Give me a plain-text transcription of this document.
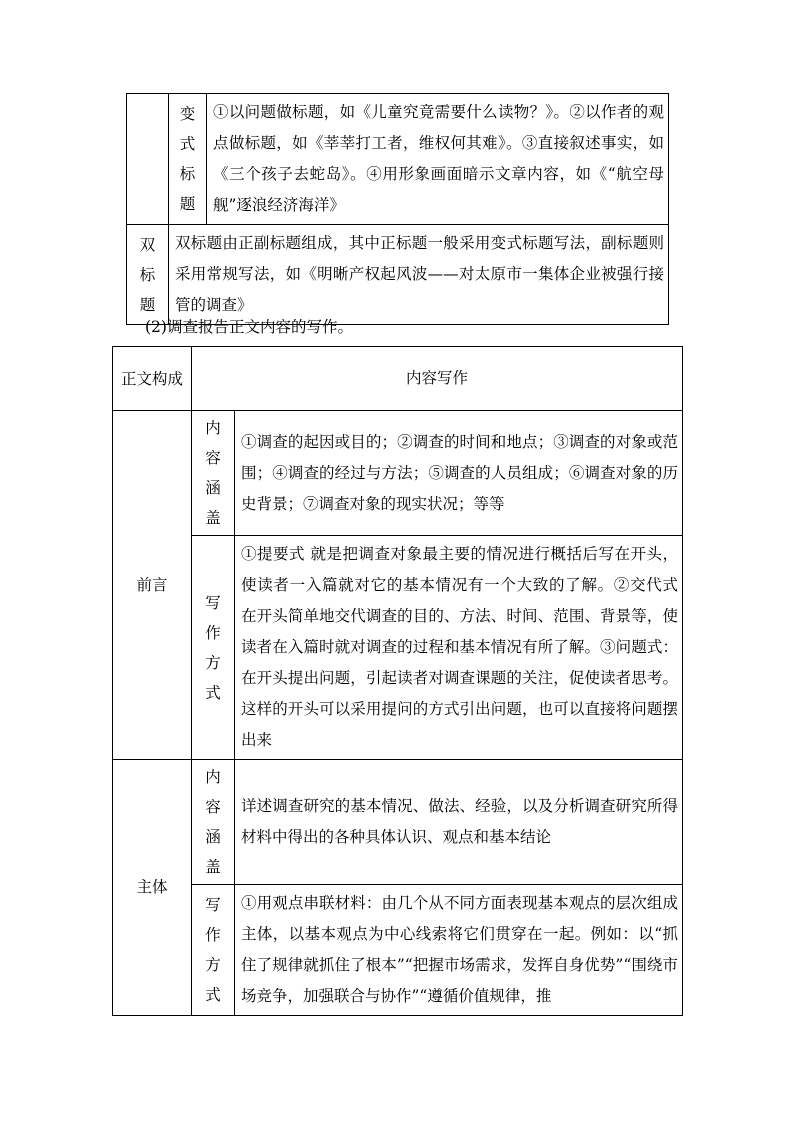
	变
式
标
题	①以问题做标题，如《儿童究竟需要什么读物？》。②以作者的观点做标题，如《莘莘打工者，维权何其难》。③直接叙述事实，如《三个孩子去蛇岛》。④用形象画面暗示文章内容，如《“航空母舰”逐浪经济海洋》
双
标
题	双标题由正副标题组成，其中正标题一般采用变式标题写法，副标题则采用常规写法，如《明晰产权起风波——对太原市一集体企业被强行接管的调查》	
(2)调查报告正文内容的写作。
正文构成	内容写作	
前言	内
容
涵
盖	①调查的起因或目的；②调查的时间和地点；③调查的对象或范围；④调查的经过与方法；⑤调查的人员组成；⑥调查对象的历史背景；⑦调查对象的现实状况；等等
	写
作
方
式	①提要式 就是把调查对象最主要的情况进行概括后写在开头，使读者一入篇就对它的基本情况有一个大致的了解。②交代式 在开头简单地交代调查的目的、方法、时间、范围、背景等，使读者在入篇时就对调查的过程和基本情况有所了解。③问题式：在开头提出问题，引起读者对调查课题的关注，促使读者思考。这样的开头可以采用提问的方式引出问题，也可以直接将问题摆出来
主体	内
容
涵
盖	详述调查研究的基本情况、做法、经验，以及分析调查研究所得材料中得出的各种具体认识、观点和基本结论
	写
作
方
式	①用观点串联材料：由几个从不同方面表现基本观点的层次组成主体，以基本观点为中心线索将它们贯穿在一起。例如：以“抓住了规律就抓住了根本”“把握市场需求，发挥自身优势”“围绕市场竞争，加强联合与协作”“遵循价值规律，推
